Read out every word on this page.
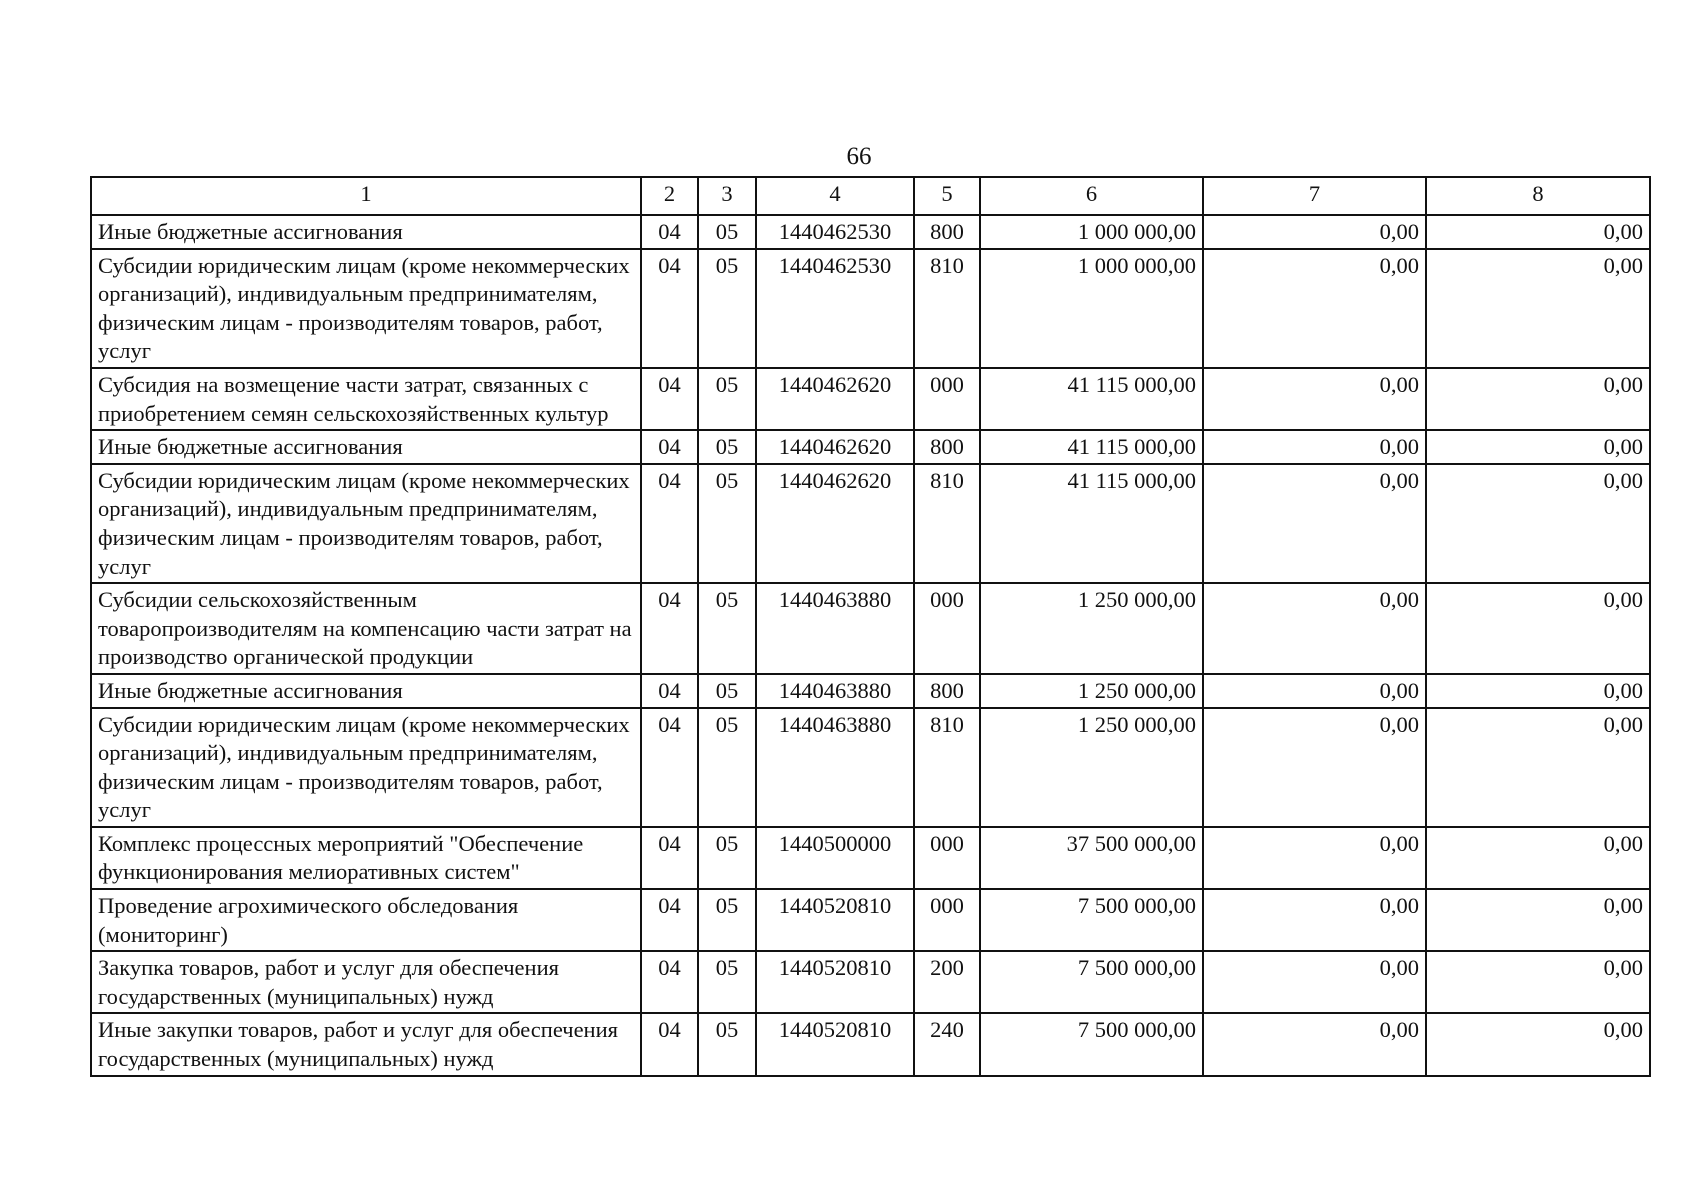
66
1	2	3	4	5	6	7	8
Иные бюджетные ассигнования	04	05	1440462530	800	1 000 000,00	0,00	0,00
Субсидии юридическим лицам (кроме некоммерческих организаций), индивидуальным предпринимателям, физическим лицам - производителям товаров, работ, услуг	04	05	1440462530	810	1 000 000,00	0,00	0,00
Субсидия на возмещение части затрат, связанных с приобретением семян сельскохозяйственных культур	04	05	1440462620	000	41 115 000,00	0,00	0,00
Иные бюджетные ассигнования	04	05	1440462620	800	41 115 000,00	0,00	0,00
Субсидии юридическим лицам (кроме некоммерческих организаций), индивидуальным предпринимателям, физическим лицам - производителям товаров, работ, услуг	04	05	1440462620	810	41 115 000,00	0,00	0,00
Субсидии сельскохозяйственным товаропроизводителям на компенсацию части затрат на производство органической продукции	04	05	1440463880	000	1 250 000,00	0,00	0,00
Иные бюджетные ассигнования	04	05	1440463880	800	1 250 000,00	0,00	0,00
Субсидии юридическим лицам (кроме некоммерческих организаций), индивидуальным предпринимателям, физическим лицам - производителям товаров, работ, услуг	04	05	1440463880	810	1 250 000,00	0,00	0,00
Комплекс процессных мероприятий "Обеспечение функционирования мелиоративных систем"	04	05	1440500000	000	37 500 000,00	0,00	0,00
Проведение агрохимического обследования (мониторинг)	04	05	1440520810	000	7 500 000,00	0,00	0,00
Закупка товаров, работ и услуг для обеспечения государственных (муниципальных) нужд	04	05	1440520810	200	7 500 000,00	0,00	0,00
Иные закупки товаров, работ и услуг для обеспечения государственных (муниципальных) нужд	04	05	1440520810	240	7 500 000,00	0,00	0,00
